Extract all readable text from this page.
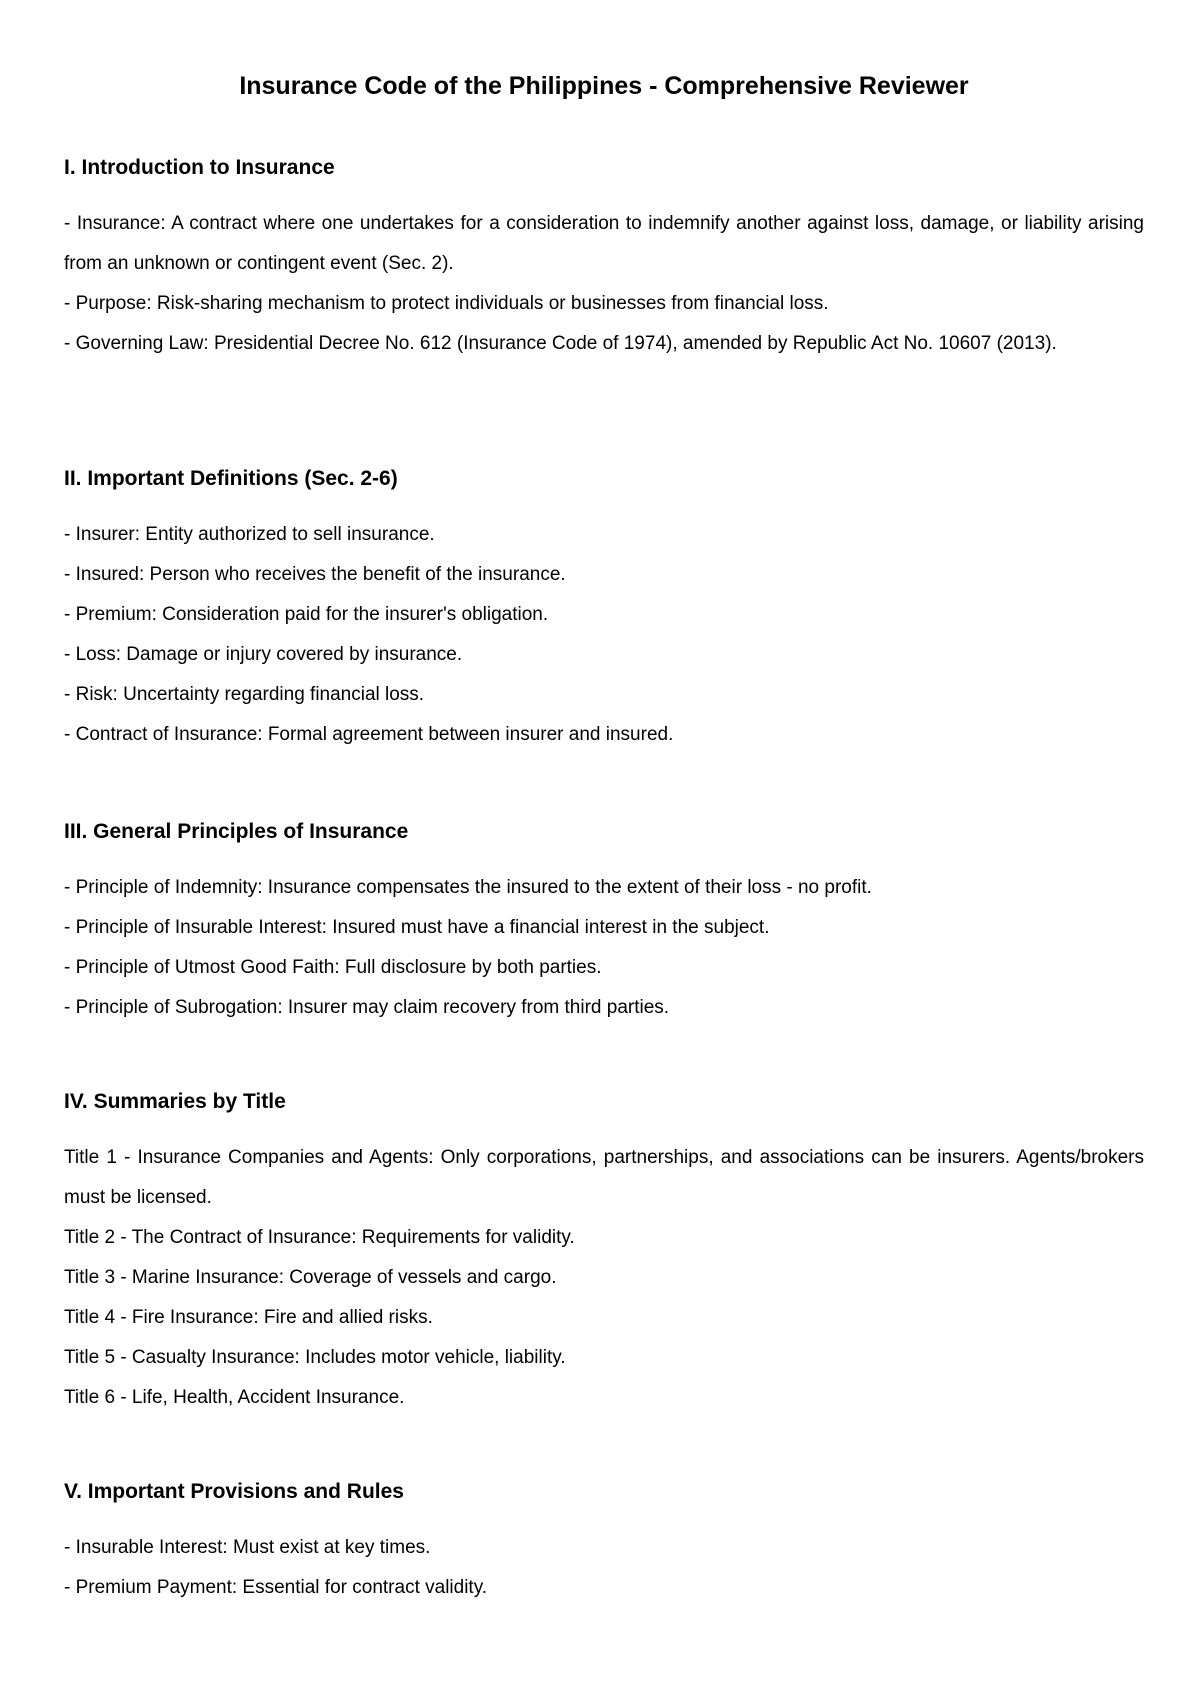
Insurance Code of the Philippines - Comprehensive Reviewer
I. Introduction to Insurance
- Insurance: A contract where one undertakes for a consideration to indemnify another against loss, damage, or liability arising from an unknown or contingent event (Sec. 2).
- Purpose: Risk-sharing mechanism to protect individuals or businesses from financial loss.
- Governing Law: Presidential Decree No. 612 (Insurance Code of 1974), amended by Republic Act No. 10607 (2013).
II. Important Definitions (Sec. 2-6)
- Insurer: Entity authorized to sell insurance.
- Insured: Person who receives the benefit of the insurance.
- Premium: Consideration paid for the insurer's obligation.
- Loss: Damage or injury covered by insurance.
- Risk: Uncertainty regarding financial loss.
- Contract of Insurance: Formal agreement between insurer and insured.
III. General Principles of Insurance
- Principle of Indemnity: Insurance compensates the insured to the extent of their loss - no profit.
- Principle of Insurable Interest: Insured must have a financial interest in the subject.
- Principle of Utmost Good Faith: Full disclosure by both parties.
- Principle of Subrogation: Insurer may claim recovery from third parties.
IV. Summaries by Title
Title 1 - Insurance Companies and Agents: Only corporations, partnerships, and associations can be insurers. Agents/brokers must be licensed.
Title 2 - The Contract of Insurance: Requirements for validity.
Title 3 - Marine Insurance: Coverage of vessels and cargo.
Title 4 - Fire Insurance: Fire and allied risks.
Title 5 - Casualty Insurance: Includes motor vehicle, liability.
Title 6 - Life, Health, Accident Insurance.
V. Important Provisions and Rules
- Insurable Interest: Must exist at key times.
- Premium Payment: Essential for contract validity.
